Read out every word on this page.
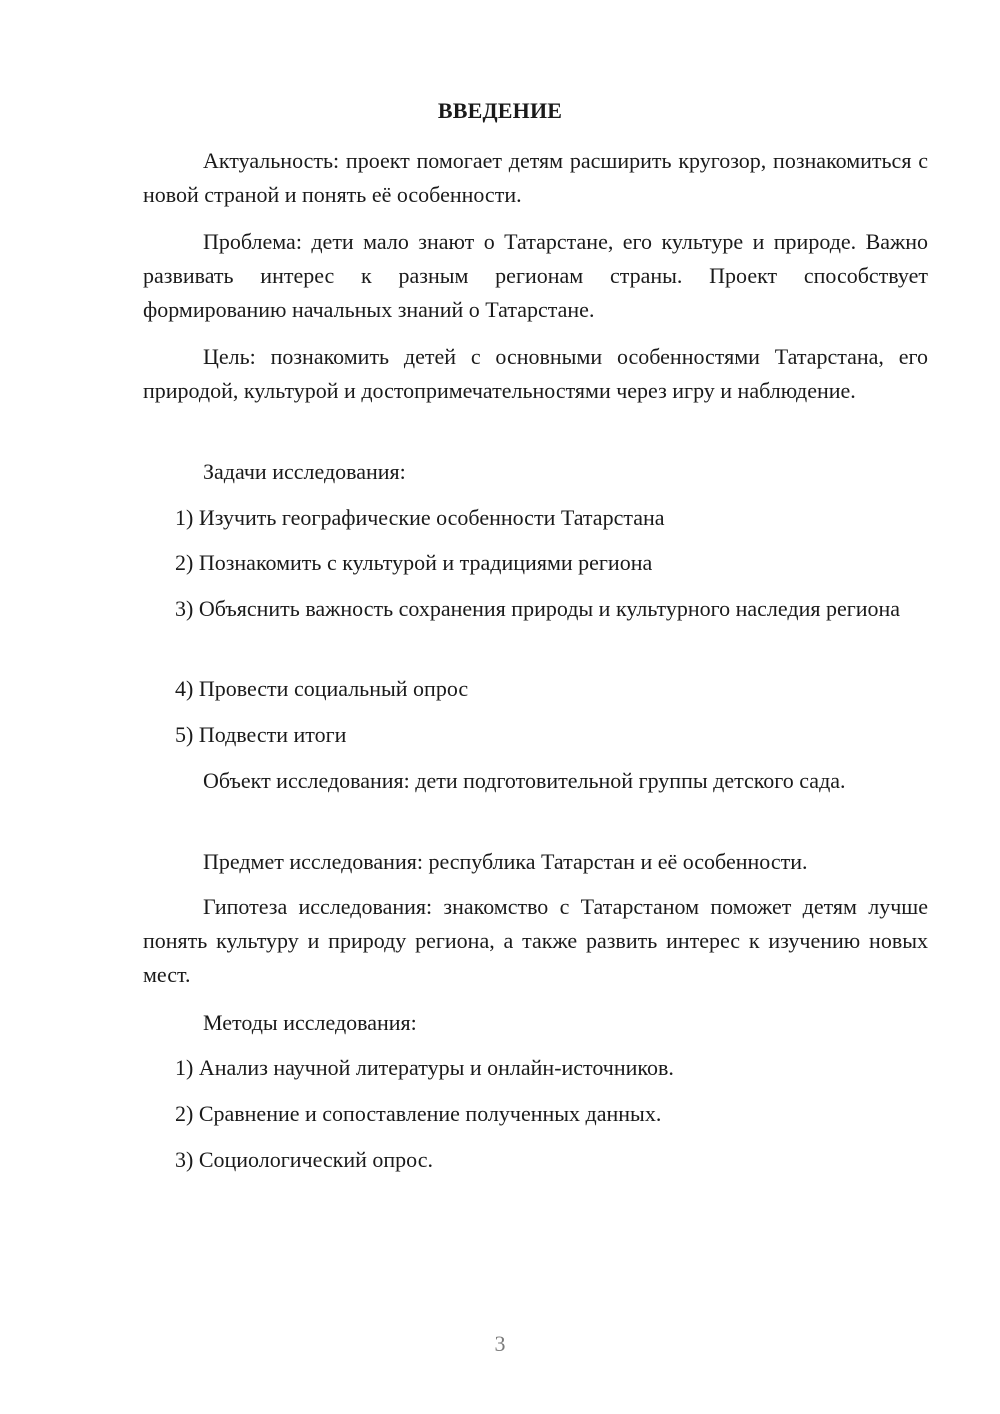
ВВЕДЕНИЕ

Актуальность: проект помогает детям расширить кругозор, познакомиться с новой страной и понять её особенности.

Проблема: дети мало знают о Татарстане, его культуре и природе. Важно развивать интерес к разным регионам страны. Проект способствует формированию начальных знаний о Татарстане.

Цель: познакомить детей с основными особенностями Татарстана, его природой, культурой и достопримечательностями через игру и наблюдение.

Задачи исследования:

1) Изучить географические особенности Татарстана

2) Познакомить с культурой и традициями региона

3) Объяснить важность сохранения природы и культурного наследия региона

4) Провести социальный опрос

5) Подвести итоги

Объект исследования: дети подготовительной группы детского сада.

Предмет исследования: республика Татарстан и её особенности.

Гипотеза исследования: знакомство с Татарстаном поможет детям лучше понять культуру и природу региона, а также развить интерес к изучению новых мест.

Методы исследования:

1) Анализ научной литературы и онлайн-источников.

2) Сравнение и сопоставление полученных данных.

3) Социологический опрос.

3
